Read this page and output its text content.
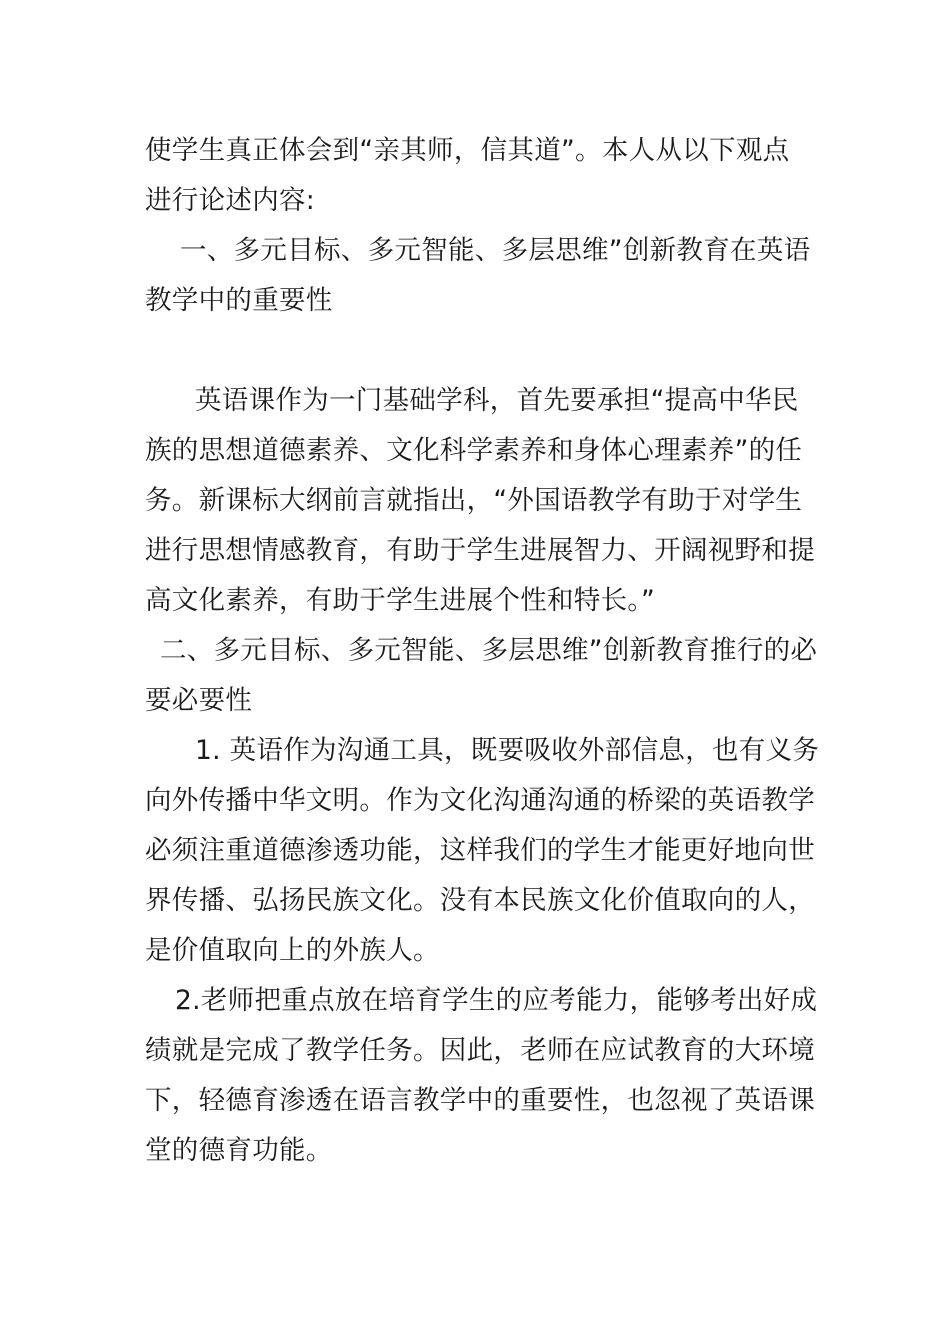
使学生真正体会到“亲其师，信其道”。本人从以下观点
进行论述内容:
一、多元目标、多元智能、多层思维”创新教育在英语
教学中的重要性
英语课作为一门基础学科，首先要承担“提高中华民
族的思想道德素养、文化科学素养和身体心理素养”的任
务。新课标大纲前言就指出，“外国语教学有助于对学生
进行思想情感教育，有助于学生进展智力、开阔视野和提
高文化素养，有助于学生进展个性和特长。”
二、多元目标、多元智能、多层思维”创新教育推行的必
要必要性
1. 英语作为沟通工具，既要吸收外部信息，也有义务
向外传播中华文明。作为文化沟通沟通的桥梁的英语教学
必须注重道德渗透功能，这样我们的学生才能更好地向世
界传播、弘扬民族文化。没有本民族文化价值取向的人，
是价值取向上的外族人。
2.老师把重点放在培育学生的应考能力，能够考出好成
绩就是完成了教学任务。因此，老师在应试教育的大环境
下，轻德育渗透在语言教学中的重要性，也忽视了英语课
堂的德育功能。
